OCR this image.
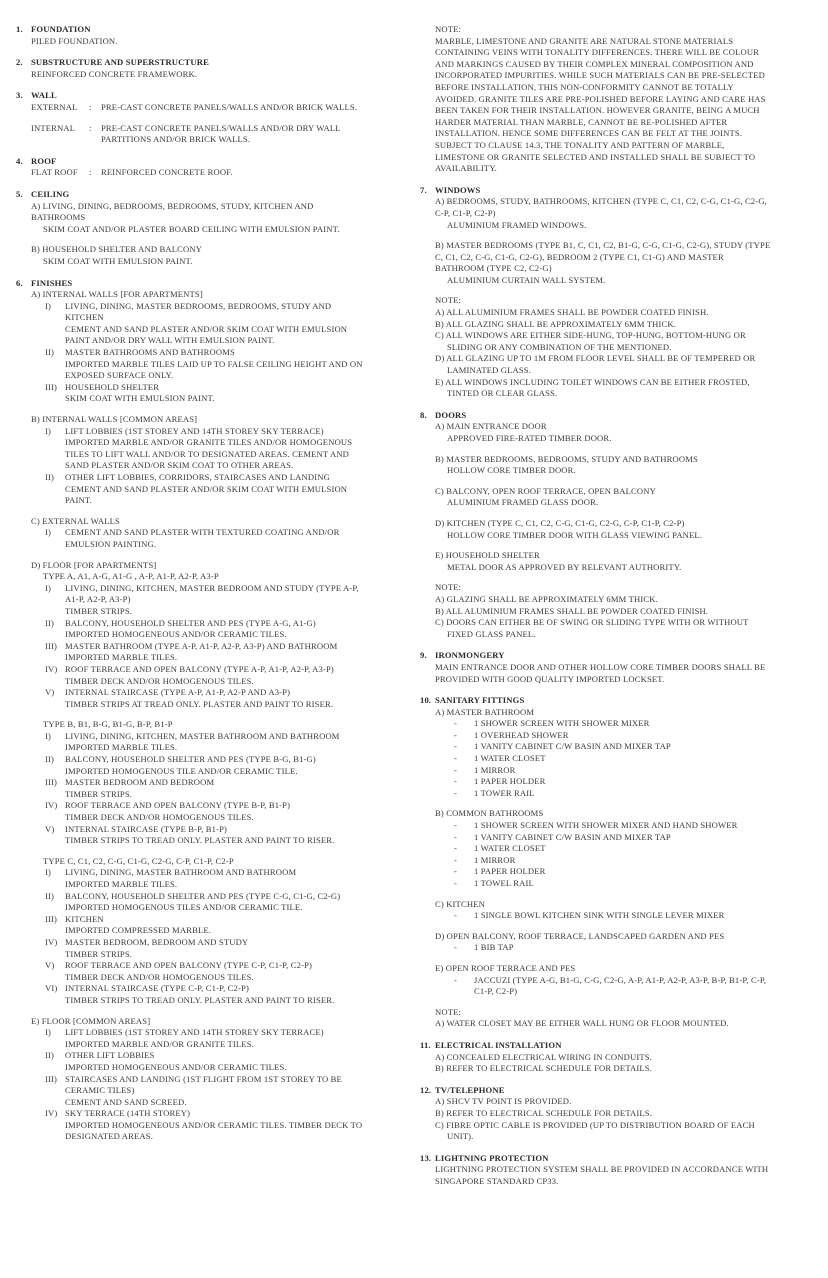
1. FOUNDATION
PILED FOUNDATION.
2. SUBSTRUCTURE AND SUPERSTRUCTURE
REINFORCED CONCRETE FRAMEWORK.
3. WALL
EXTERNAL	:	PRE-CAST CONCRETE PANELS/WALLS AND/OR BRICK WALLS.
INTERNAL	:	PRE-CAST CONCRETE PANELS/WALLS AND/OR DRY WALL PARTITIONS AND/OR BRICK WALLS.
4. ROOF
FLAT ROOF	:	REINFORCED CONCRETE ROOF.
5. CEILING
A) LIVING, DINING, BEDROOMS, BEDROOMS, STUDY, KITCHEN AND BATHROOMS
SKIM COAT AND/OR PLASTER BOARD CEILING WITH EMULSION PAINT.
B) HOUSEHOLD SHELTER AND BALCONY
SKIM COAT WITH EMULSION PAINT.
6. FINISHES
A) INTERNAL WALLS [FOR APARTMENTS]
I)	LIVING, DINING, MASTER BEDROOMS, BEDROOMS, STUDY AND KITCHEN
CEMENT AND SAND PLASTER AND/OR SKIM COAT WITH EMULSION PAINT AND/OR DRY WALL WITH EMULSION PAINT.
II)	MASTER BATHROOMS AND BATHROOMS
IMPORTED MARBLE TILES LAID UP TO FALSE CEILING HEIGHT AND ON EXPOSED SURFACE ONLY.
III) HOUSEHOLD SHELTER
SKIM COAT WITH EMULSION PAINT.
B) INTERNAL WALLS [COMMON AREAS]
I)	LIFT LOBBIES (1ST STOREY AND 14TH STOREY SKY TERRACE)
IMPORTED MARBLE AND/OR GRANITE TILES AND/OR HOMOGENOUS TILES TO LIFT WALL AND/OR TO DESIGNATED AREAS. CEMENT AND SAND PLASTER AND/OR SKIM COAT TO OTHER AREAS.
II)	OTHER LIFT LOBBIES, CORRIDORS, STAIRCASES AND LANDING
CEMENT AND SAND PLASTER AND/OR SKIM COAT WITH EMULSION PAINT.
C) EXTERNAL WALLS
I)	CEMENT AND SAND PLASTER WITH TEXTURED COATING AND/OR EMULSION PAINTING.
D) FLOOR [FOR APARTMENTS]
TYPE A, A1, A-G, A1-G , A-P, A1-P, A2-P, A3-P
I)	LIVING, DINING, KITCHEN, MASTER BEDROOM AND STUDY (TYPE A-P, A1-P, A2-P, A3-P)
TIMBER STRIPS.
II)	BALCONY, HOUSEHOLD SHELTER AND PES (TYPE A-G, A1-G)
IMPORTED HOMOGENEOUS AND/OR CERAMIC TILES.
III) MASTER BATHROOM (TYPE A-P, A1-P, A2-P, A3-P) AND BATHROOM
IMPORTED MARBLE TILES.
IV) ROOF TERRACE AND OPEN BALCONY (TYPE A-P, A1-P, A2-P, A3-P)
TIMBER DECK AND/OR HOMOGENOUS TILES.
V)	INTERNAL STAIRCASE (TYPE A-P, A1-P, A2-P AND A3-P)
TIMBER STRIPS AT TREAD ONLY. PLASTER AND PAINT TO RISER.
TYPE B, B1, B-G, B1-G, B-P, B1-P
I)	LIVING, DINING, KITCHEN, MASTER BATHROOM AND BATHROOM
IMPORTED MARBLE TILES.
II)	BALCONY, HOUSEHOLD SHELTER AND PES (TYPE B-G, B1-G)
IMPORTED HOMOGENOUS TILE AND/OR CERAMIC TILE.
III) MASTER BEDROOM AND BEDROOM
TIMBER STRIPS.
IV) ROOF TERRACE AND OPEN BALCONY (TYPE B-P, B1-P)
TIMBER DECK AND/OR HOMOGENOUS TILES.
V)	INTERNAL STAIRCASE (TYPE B-P, B1-P)
TIMBER STRIPS TO TREAD ONLY. PLASTER AND PAINT TO RISER.
TYPE C, C1, C2, C-G, C1-G, C2-G, C-P, C1-P, C2-P
I)	LIVING, DINING, MASTER BATHROOM AND BATHROOM
IMPORTED MARBLE TILES.
II)	BALCONY, HOUSEHOLD SHELTER AND PES (TYPE C-G, C1-G, C2-G)
IMPORTED HOMOGENOUS TILES AND/OR CERAMIC TILE.
III) KITCHEN
IMPORTED COMPRESSED MARBLE.
IV) MASTER BEDROOM, BEDROOM AND STUDY
TIMBER STRIPS.
V)	ROOF TERRACE AND OPEN BALCONY (TYPE C-P, C1-P, C2-P)
TIMBER DECK AND/OR HOMOGENOUS TILES.
VI) INTERNAL STAIRCASE (TYPE C-P, C1-P, C2-P)
TIMBER STRIPS TO TREAD ONLY. PLASTER AND PAINT TO RISER.
E) FLOOR [COMMON AREAS]
I)	LIFT LOBBIES (1ST STOREY AND 14TH STOREY SKY TERRACE)
IMPORTED MARBLE AND/OR GRANITE TILES.
II)	OTHER LIFT LOBBIES
IMPORTED HOMOGENEOUS AND/OR CERAMIC TILES.
III) STAIRCASES AND LANDING (1ST FLIGHT FROM 1ST STOREY TO BE CERAMIC TILES)
CEMENT AND SAND SCREED.
IV) SKY TERRACE (14TH STOREY)
IMPORTED HOMOGENEOUS AND/OR CERAMIC TILES. TIMBER DECK TO DESIGNATED AREAS.
NOTE:
MARBLE, LIMESTONE AND GRANITE ARE NATURAL STONE MATERIALS CONTAINING VEINS WITH TONALITY DIFFERENCES. THERE WILL BE COLOUR AND MARKINGS CAUSED BY THEIR COMPLEX MINERAL COMPOSITION AND INCORPORATED IMPURITIES. WHILE SUCH MATERIALS CAN BE PRE-SELECTED BEFORE INSTALLATION, THIS NON-CONFORMITY CANNOT BE TOTALLY AVOIDED. GRANITE TILES ARE PRE-POLISHED BEFORE LAYING AND CARE HAS BEEN TAKEN FOR THEIR INSTALLATION. HOWEVER GRANITE, BEING A MUCH HARDER MATERIAL THAN MARBLE, CANNOT BE RE-POLISHED AFTER INSTALLATION. HENCE SOME DIFFERENCES CAN BE FELT AT THE JOINTS. SUBJECT TO CLAUSE 14.3, THE TONALITY AND PATTERN OF MARBLE, LIMESTONE OR GRANITE SELECTED AND INSTALLED SHALL BE SUBJECT TO AVAILABILITY.
7. WINDOWS
A) BEDROOMS, STUDY, BATHROOMS, KITCHEN (TYPE C, C1, C2, C-G, C1-G, C2-G, C-P, C1-P, C2-P)
ALUMINIUM FRAMED WINDOWS.
B) MASTER BEDROOMS (TYPE B1, C, C1, C2, B1-G, C-G, C1-G, C2-G), STUDY (TYPE C, C1, C2, C-G, C1-G, C2-G), BEDROOM 2 (TYPE C1, C1-G) AND MASTER BATHROOM (TYPE C2, C2-G)
ALUMINIUM CURTAIN WALL SYSTEM.
NOTE:
A) ALL ALUMINIUM FRAMES SHALL BE POWDER COATED FINISH.
B) ALL GLAZING SHALL BE APPROXIMATELY 6MM THICK.
C) ALL WINDOWS ARE EITHER SIDE-HUNG, TOP-HUNG, BOTTOM-HUNG OR SLIDING OR ANY COMBINATION OF THE MENTIONED.
D) ALL GLAZING UP TO 1M FROM FLOOR LEVEL SHALL BE OF TEMPERED OR LAMINATED GLASS.
E) ALL WINDOWS INCLUDING TOILET WINDOWS CAN BE EITHER FROSTED, TINTED OR CLEAR GLASS.
8. DOORS
A) MAIN ENTRANCE DOOR
APPROVED FIRE-RATED TIMBER DOOR.
B) MASTER BEDROOMS, BEDROOMS, STUDY AND BATHROOMS
HOLLOW CORE TIMBER DOOR.
C) BALCONY, OPEN ROOF TERRACE, OPEN BALCONY
ALUMINIUM FRAMED GLASS DOOR.
D) KITCHEN (TYPE C, C1, C2, C-G, C1-G, C2-G, C-P, C1-P, C2-P)
HOLLOW CORE TIMBER DOOR WITH GLASS VIEWING PANEL.
E) HOUSEHOLD SHELTER
METAL DOOR AS APPROVED BY RELEVANT AUTHORITY.
NOTE:
A) GLAZING SHALL BE APPROXIMATELY 6MM THICK.
B) ALL ALUMINIUM FRAMES SHALL BE POWDER COATED FINISH.
C) DOORS CAN EITHER BE OF SWING OR SLIDING TYPE WITH OR WITHOUT FIXED GLASS PANEL.
9. IRONMONGERY
MAIN ENTRANCE DOOR AND OTHER HOLLOW CORE TIMBER DOORS SHALL BE PROVIDED WITH GOOD QUALITY IMPORTED LOCKSET.
10. SANITARY FITTINGS
A) MASTER BATHROOM
-	1 SHOWER SCREEN WITH SHOWER MIXER
-	1 OVERHEAD SHOWER
-	1 VANITY CABINET C/W BASIN AND MIXER TAP
-	1 WATER CLOSET
-	1 MIRROR
-	1 PAPER HOLDER
-	1 TOWER RAIL
B) COMMON BATHROOMS
-	1 SHOWER SCREEN WITH SHOWER MIXER AND HAND SHOWER
-	1 VANITY CABINET C/W BASIN AND MIXER TAP
-	1 WATER CLOSET
-	1 MIRROR
-	1 PAPER HOLDER
-	1 TOWEL RAIL
C) KITCHEN
-	1 SINGLE BOWL KITCHEN SINK WITH SINGLE LEVER MIXER
D) OPEN BALCONY, ROOF TERRACE, LANDSCAPED GARDEN AND PES
-	1 BIB TAP
E) OPEN ROOF TERRACE AND PES
-	JACCUZI (TYPE A-G, B1-G, C-G, C2-G, A-P, A1-P, A2-P, A3-P, B-P, B1-P, C-P, C1-P, C2-P)
NOTE:
A) WATER CLOSET MAY BE EITHER WALL HUNG OR FLOOR MOUNTED.
11. ELECTRICAL INSTALLATION
A) CONCEALED ELECTRICAL WIRING IN CONDUITS.
B) REFER TO ELECTRICAL SCHEDULE FOR DETAILS.
12. TV/TELEPHONE
A) SHCV TV POINT IS PROVIDED.
B) REFER TO ELECTRICAL SCHEDULE FOR DETAILS.
C) FIBRE OPTIC CABLE IS PROVIDED (UP TO DISTRIBUTION BOARD OF EACH UNIT).
13. LIGHTNING PROTECTION
LIGHTNING PROTECTION SYSTEM SHALL BE PROVIDED IN ACCORDANCE WITH SINGAPORE STANDARD CP33.
